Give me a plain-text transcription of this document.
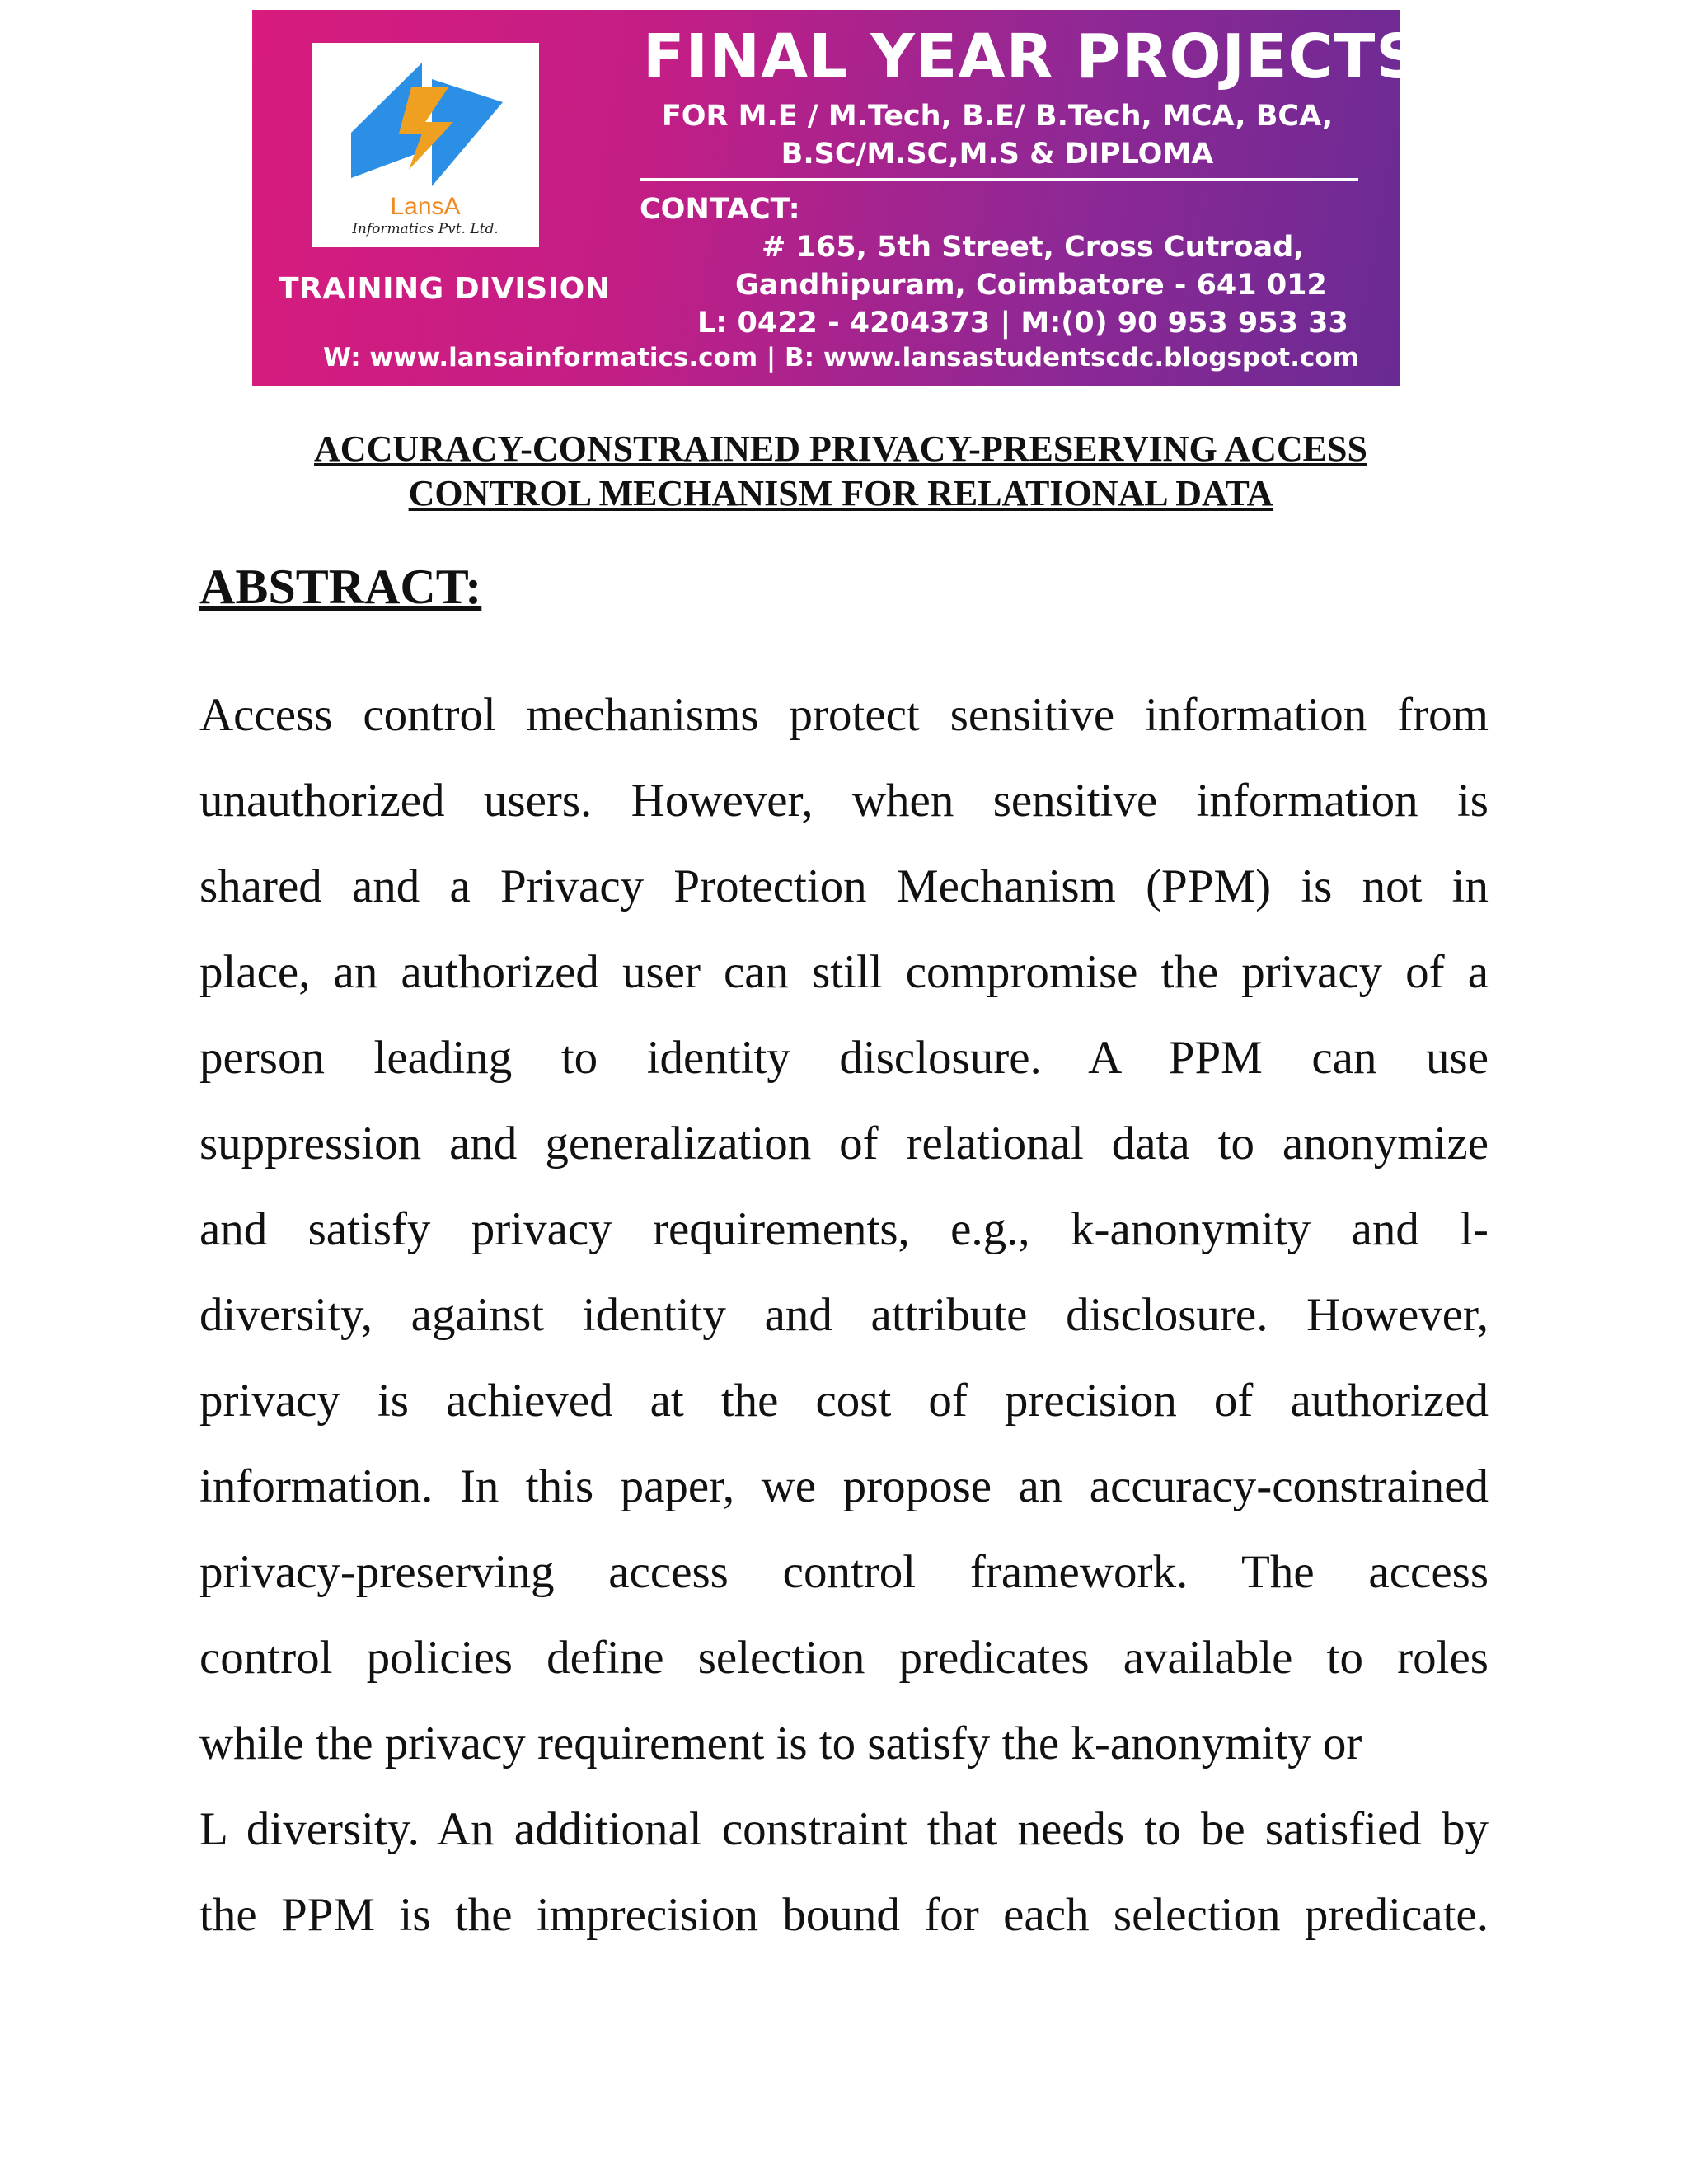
LansA
Informatics Pvt. Ltd.
TRAINING DIVISION
FINAL YEAR PROJECTS
FOR M.E / M.Tech, B.E/ B.Tech, MCA, BCA,
B.SC/M.SC,M.S & DIPLOMA
CONTACT:
# 165, 5th Street, Cross Cutroad,
Gandhipuram, Coimbatore - 641 012
L: 0422 - 4204373 | M:(0) 90 953 953 33
W: www.lansainformatics.com | B: www.lansastudentscdc.blogspot.com
ACCURACY-CONSTRAINED PRIVACY-PRESERVING ACCESS
CONTROL MECHANISM FOR RELATIONAL DATA
ABSTRACT:
Access control mechanisms protect sensitive information from
unauthorized users. However, when sensitive information is
shared and a Privacy Protection Mechanism (PPM) is not in
place, an authorized user can still compromise the privacy of a
person leading to identity disclosure. A PPM can use
suppression and generalization of relational data to anonymize
and satisfy privacy requirements, e.g., k-anonymity and l-
diversity, against identity and attribute disclosure. However,
privacy is achieved at the cost of precision of authorized
information. In this paper, we propose an accuracy-constrained
privacy-preserving access control framework. The access
control policies define selection predicates available to roles
while the privacy requirement is to satisfy the k-anonymity or
L diversity. An additional constraint that needs to be satisfied by
the PPM is the imprecision bound for each selection predicate.
